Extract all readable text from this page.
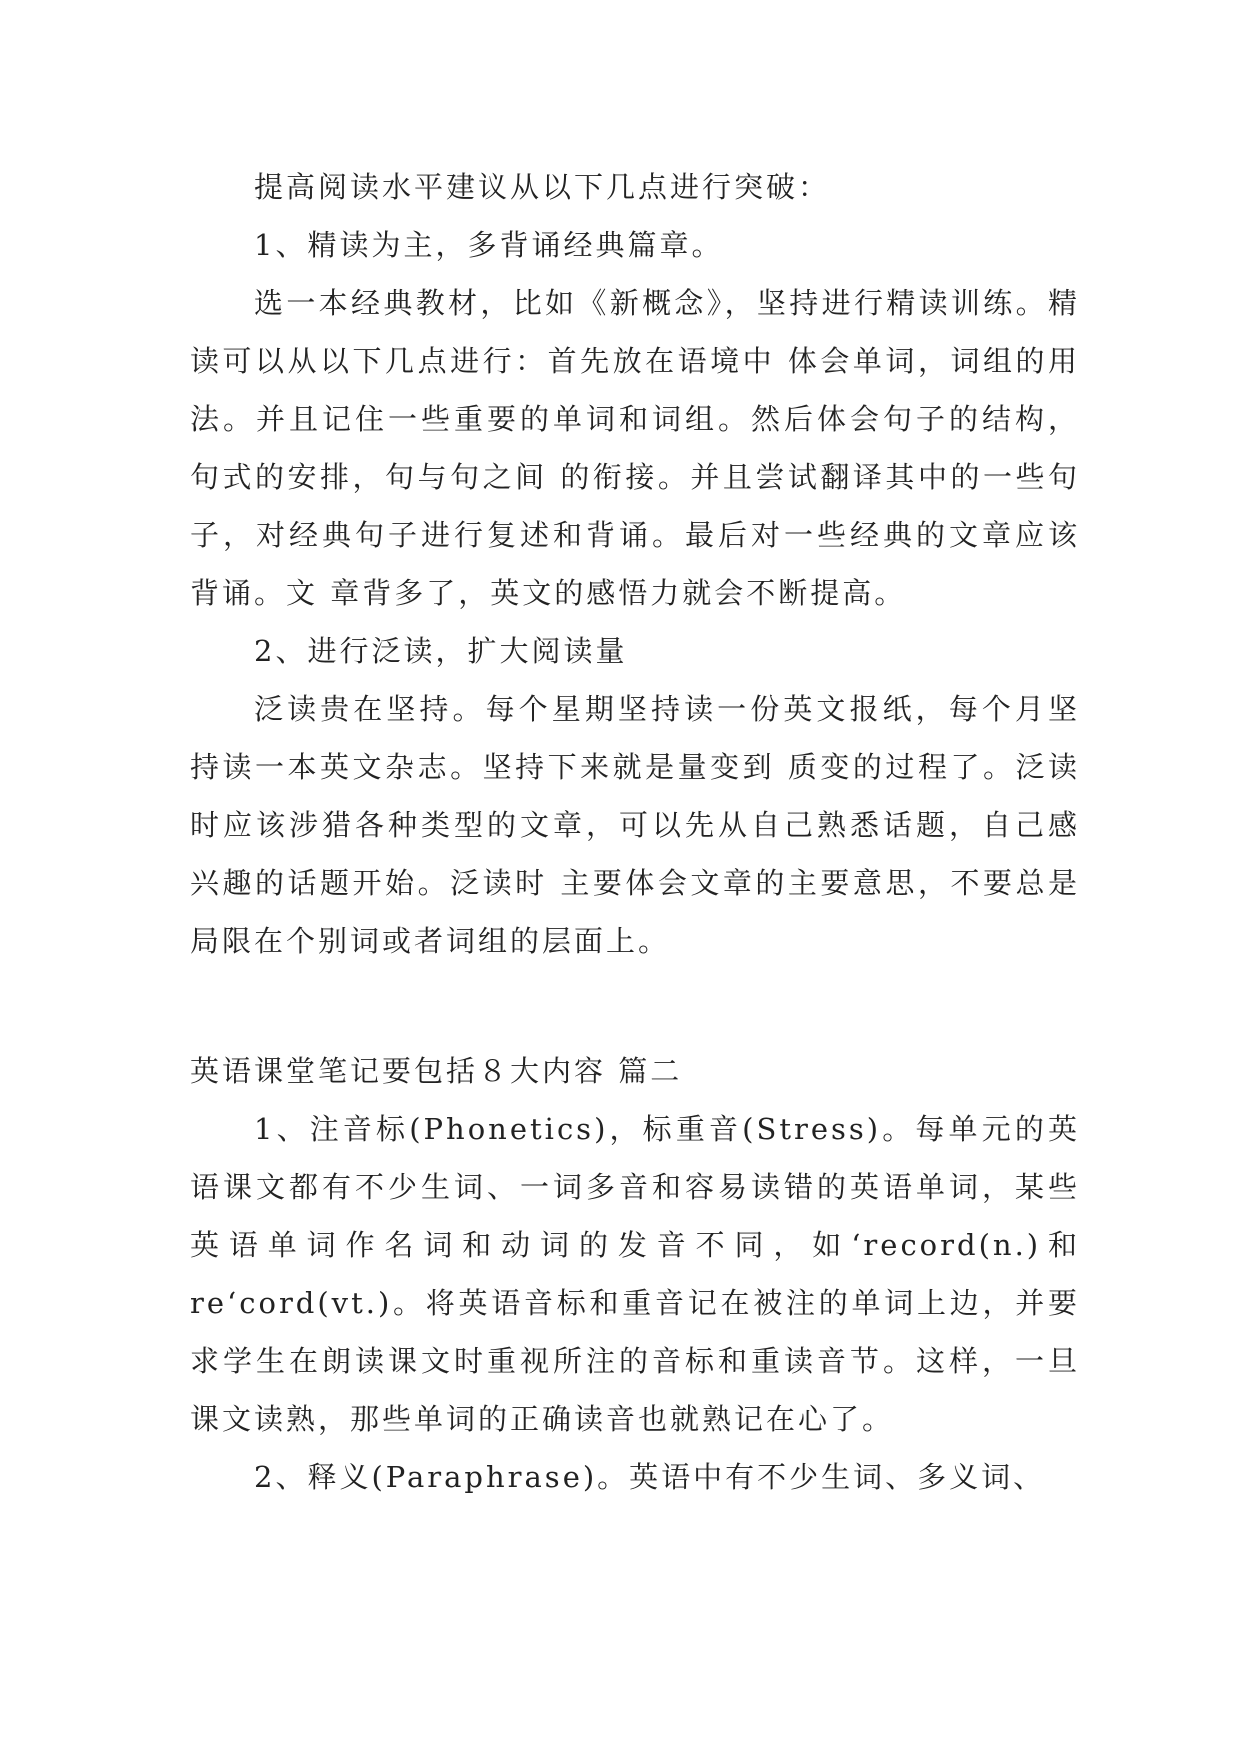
提高阅读水平建议从以下几点进行突破：

1、精读为主，多背诵经典篇章。

选一本经典教材，比如《新概念》，坚持进行精读训练。精读可以从以下几点进行：首先放在语境中 体会单词，词组的用法。并且记住一些重要的单词和词组。然后体会句子的结构，句式的安排，句与句之间 的衔接。并且尝试翻译其中的一些句子，对经典句子进行复述和背诵。最后对一些经典的文章应该背诵。文 章背多了，英文的感悟力就会不断提高。

2、进行泛读，扩大阅读量

泛读贵在坚持。每个星期坚持读一份英文报纸，每个月坚持读一本英文杂志。坚持下来就是量变到 质变的过程了。泛读时应该涉猎各种类型的文章，可以先从自己熟悉话题，自己感兴趣的话题开始。泛读时 主要体会文章的主要意思，不要总是局限在个别词或者词组的层面上。

英语课堂笔记要包括８大内容 篇二

1、注音标(Phonetics)，标重音(Stress)。每单元的英语课文都有不少生词、一词多音和容易读错的英语单词，某些英语单词作名词和动词的发音不同，如‘record(n.)和 re‘cord(vt.)。将英语音标和重音记在被注的单词上边，并要求学生在朗读课文时重视所注的音标和重读音节。这样，一旦课文读熟，那些单词的正确读音也就熟记在心了。

2、释义(Paraphrase)。英语中有不少生词、多义词、
